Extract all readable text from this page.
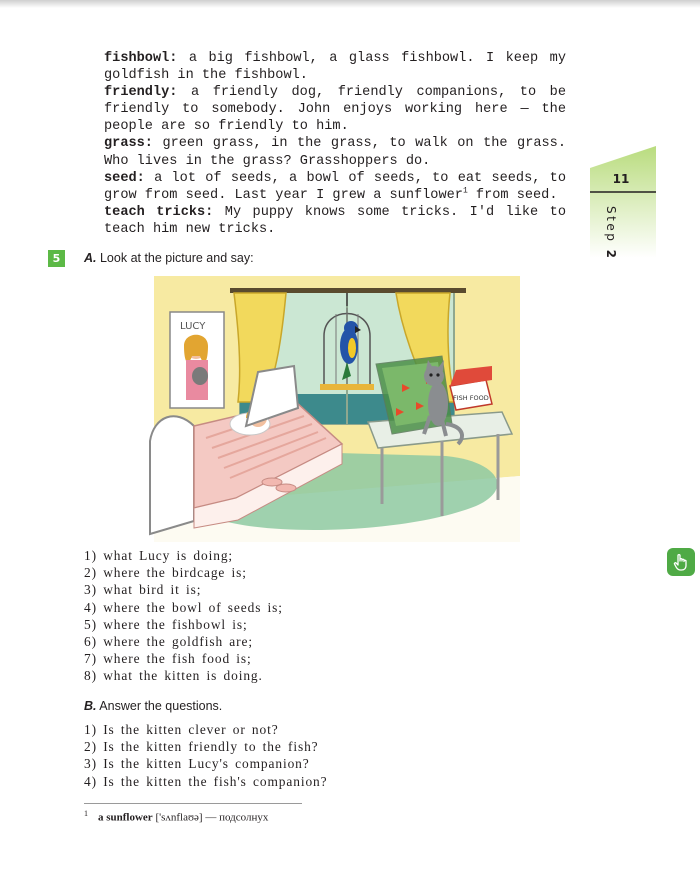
fishbowl: a big fishbowl, a glass fishbowl. I keep my goldfish in the fishbowl.

friendly: a friendly dog, friendly companions, to be friendly to somebody. John enjoys working here — the people are so friendly to him.

grass: green grass, in the grass, to walk on the grass. Who lives in the grass? Grasshoppers do.

seed: a lot of seeds, a bowl of seeds, to eat seeds, to grow from seed. Last year I grew a sunflower$^1$ from seed.

teach tricks: My puppy knows some tricks. I'd like to teach him new tricks.

11
Step 2
5	A. Look at the picture and say:
LUCY
FISH FOOD
1) what Lucy is doing;
2) where the birdcage is;
3) what bird it is;
4) where the bowl of seeds is;
5) where the fishbowl is;
6) where the goldfish are;
7) where the fish food is;
8) what the kitten is doing.
B. Answer the questions.
1) Is the kitten clever or not?
2) Is the kitten friendly to the fish?
3) Is the kitten Lucy's companion?
4) Is the kitten the fish's companion?
$^1$ a sunflower ['sʌnflaʊə] — подсолнух
